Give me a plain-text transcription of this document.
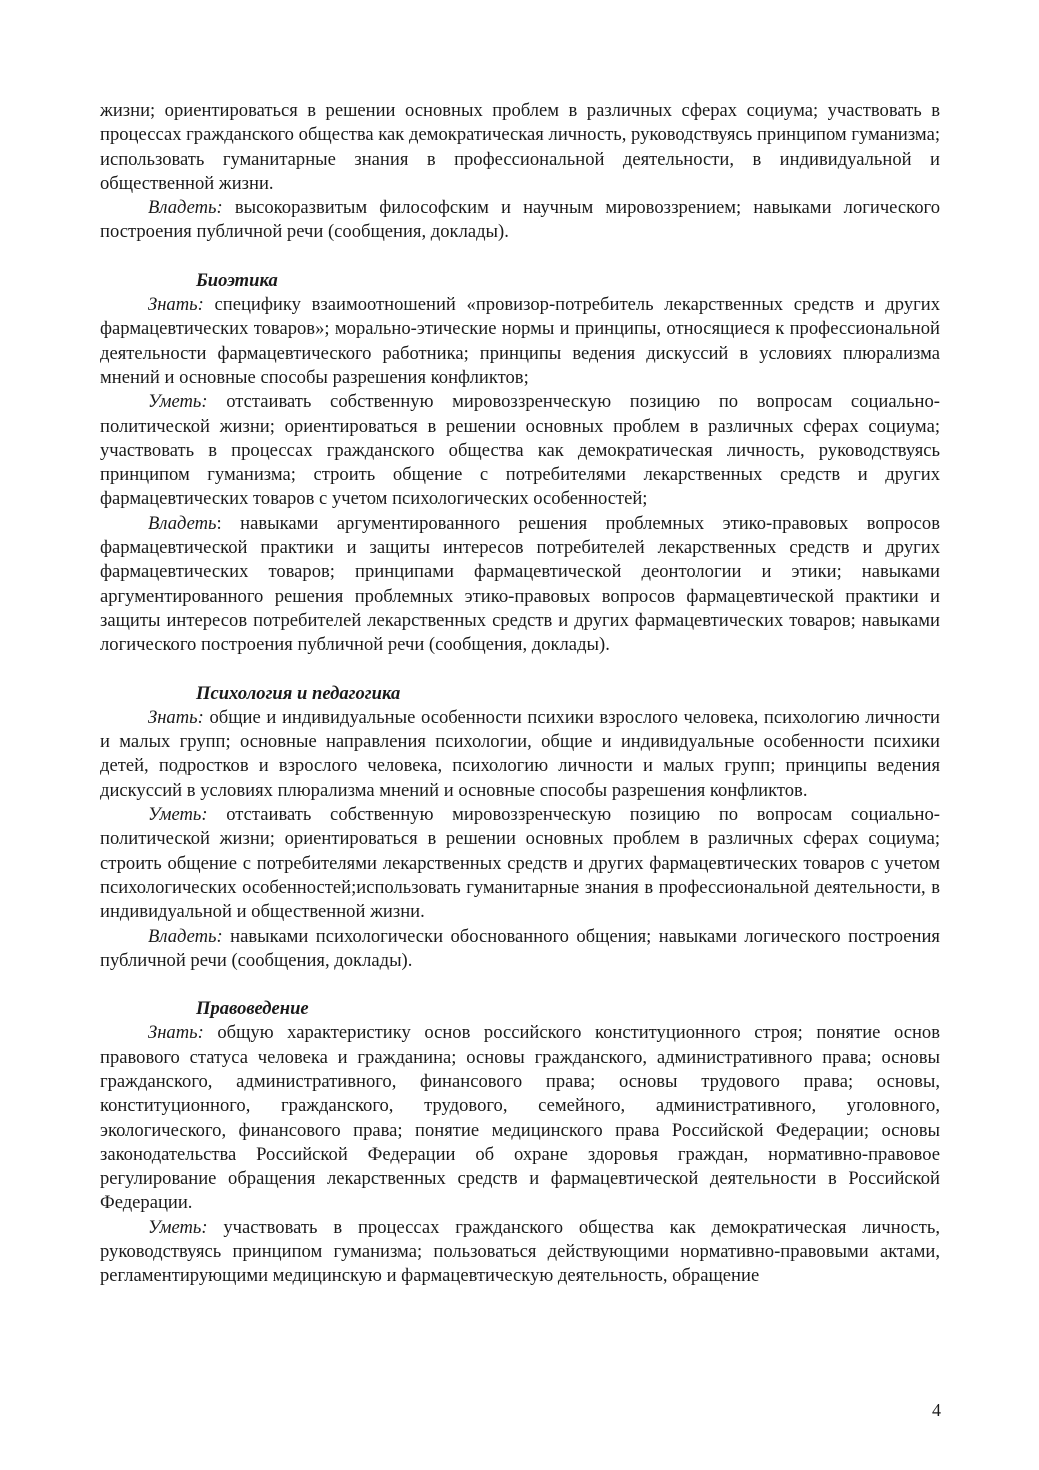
жизни; ориентироваться в решении основных проблем в различных сферах социума; участвовать в процессах гражданского общества как демократическая личность, руководствуясь принципом гуманизма; использовать гуманитарные знания в профессиональной деятельности, в индивидуальной и общественной жизни.

Владеть: высокоразвитым философским и научным мировоззрением; навыками логического построения публичной речи (сообщения, доклады).

Биоэтика

Знать: специфику взаимоотношений «провизор-потребитель лекарственных средств и других фармацевтических товаров»; морально-этические нормы и принципы, относящиеся к профессиональной деятельности фармацевтического работника; принципы ведения дискуссий в условиях плюрализма мнений и основные способы разрешения конфликтов;

Уметь: отстаивать собственную мировоззренческую позицию по вопросам социально-политической жизни; ориентироваться в решении основных проблем в различных сферах социума; участвовать в процессах гражданского общества как демократическая личность, руководствуясь принципом гуманизма; строить общение с потребителями лекарственных средств и других фармацевтических товаров с учетом психологических особенностей;

Владеть: навыками аргументированного решения проблемных этико-правовых вопросов фармацевтической практики и защиты интересов потребителей лекарственных средств и других фармацевтических товаров; принципами фармацевтической деонтологии и этики; навыками аргументированного решения проблемных этико-правовых вопросов фармацевтической практики и защиты интересов потребителей лекарственных средств и других фармацевтических товаров; навыками логического построения публичной речи (сообщения, доклады).

Психология и педагогика

Знать: общие и индивидуальные особенности психики взрослого человека, психологию личности и малых групп; основные направления психологии, общие и индивидуальные особенности психики детей, подростков и взрослого человека, психологию личности и малых групп; принципы ведения дискуссий в условиях плюрализма мнений и основные способы разрешения конфликтов.

Уметь: отстаивать собственную мировоззренческую позицию по вопросам социально-политической жизни; ориентироваться в решении основных проблем в различных сферах социума; строить общение с потребителями лекарственных средств и других фармацевтических товаров с учетом психологических особенностей;использовать гуманитарные знания в профессиональной деятельности, в индивидуальной и общественной жизни.

Владеть: навыками психологически обоснованного общения; навыками логического построения публичной речи (сообщения, доклады).

Правоведение

Знать: общую характеристику основ российского конституционного строя; понятие основ правового статуса человека и гражданина; основы гражданского, административного права; основы гражданского, административного, финансового права; основы трудового права; основы, конституционного, гражданского, трудового, семейного, административного, уголовного, экологического, финансового права; понятие медицинского права Российской Федерации; основы законодательства Российской Федерации об охране здоровья граждан, нормативно-правовое регулирование обращения лекарственных средств и фармацевтической деятельности в Российской Федерации.

Уметь: участвовать в процессах гражданского общества как демократическая личность, руководствуясь принципом гуманизма; пользоваться действующими нормативно-правовыми актами, регламентирующими медицинскую и фармацевтическую деятельность, обращение

4
